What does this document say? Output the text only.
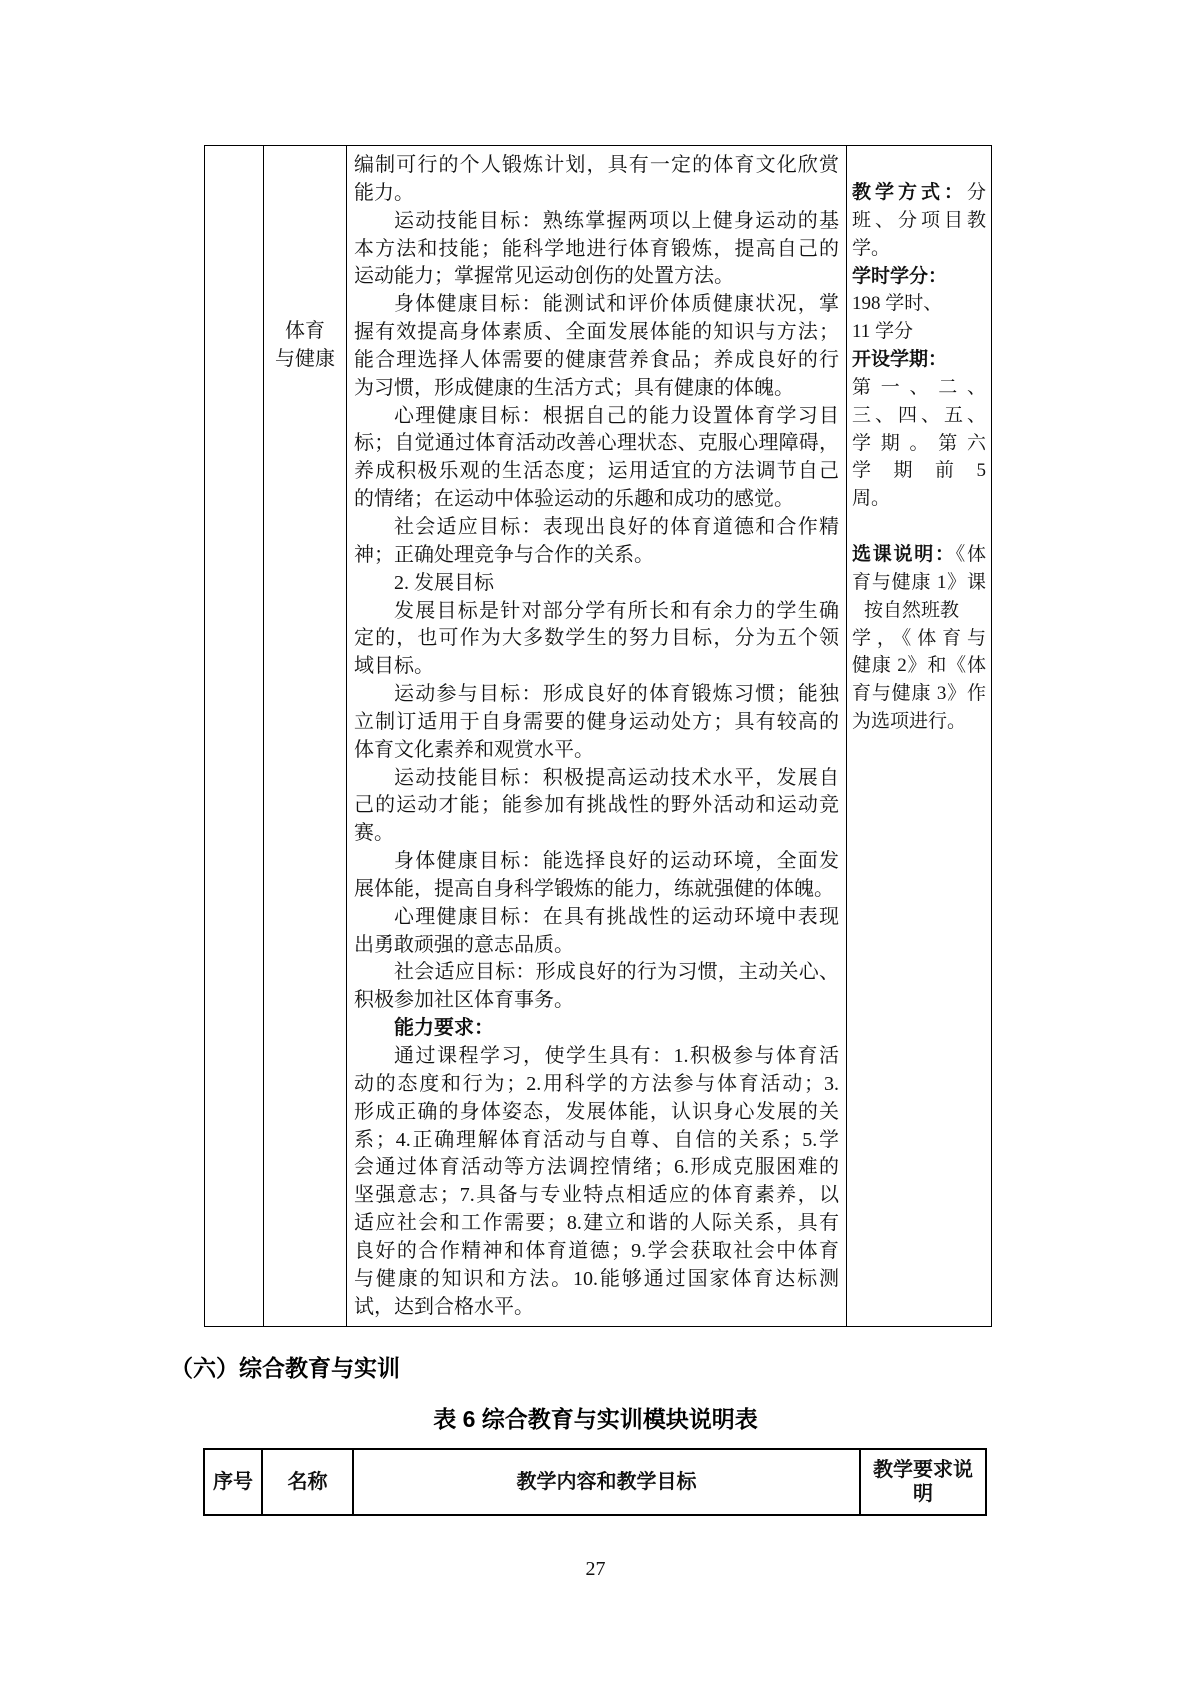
体育
与健康
编制可行的个人锻炼计划，具有一定的体育文化欣赏
能力。
运动技能目标：熟练掌握两项以上健身运动的基
本方法和技能；能科学地进行体育锻炼，提高自己的
运动能力；掌握常见运动创伤的处置方法。
身体健康目标：能测试和评价体质健康状况，掌
握有效提高身体素质、全面发展体能的知识与方法；
能合理选择人体需要的健康营养食品；养成良好的行
为习惯，形成健康的生活方式；具有健康的体魄。
心理健康目标：根据自己的能力设置体育学习目
标；自觉通过体育活动改善心理状态、克服心理障碍，
养成积极乐观的生活态度；运用适宜的方法调节自己
的情绪；在运动中体验运动的乐趣和成功的感觉。
社会适应目标：表现出良好的体育道德和合作精
神；正确处理竞争与合作的关系。
2. 发展目标
发展目标是针对部分学有所长和有余力的学生确
定的，也可作为大多数学生的努力目标，分为五个领
域目标。
运动参与目标：形成良好的体育锻炼习惯；能独
立制订适用于自身需要的健身运动处方；具有较高的
体育文化素养和观赏水平。
运动技能目标：积极提高运动技术水平，发展自
己的运动才能；能参加有挑战性的野外活动和运动竞
赛。
身体健康目标：能选择良好的运动环境，全面发
展体能，提高自身科学锻炼的能力，练就强健的体魄。
心理健康目标：在具有挑战性的运动环境中表现
出勇敢顽强的意志品质。
社会适应目标：形成良好的行为习惯，主动关心、
积极参加社区体育事务。
能力要求：
通过课程学习，使学生具有：1.积极参与体育活
动的态度和行为；2.用科学的方法参与体育活动；3.
形成正确的身体姿态，发展体能，认识身心发展的关
系；4.正确理解体育活动与自尊、自信的关系；5.学
会通过体育活动等方法调控情绪；6.形成克服困难的
坚强意志；7.具备与专业特点相适应的体育素养，以
适应社会和工作需要；8.建立和谐的人际关系，具有
良好的合作精神和体育道德；9.学会获取社会中体育
与健康的知识和方法。10.能够通过国家体育达标测
试，达到合格水平。
教学方式：分
班、分项目教
学。
学时学分：
198 学时、
11 学分
开设学期：
第一、二、
三、四、五、
学期。第六
学 期 前 5
周。
选课说明：《体
育与健康 1》课
按自然班教
学，《体育与
健康 2》和《体
育与健康 3》作
为选项进行。
（六）综合教育与实训
表 6 综合教育与实训模块说明表
序号	名称	教学内容和教学目标
教学要求说明
27
